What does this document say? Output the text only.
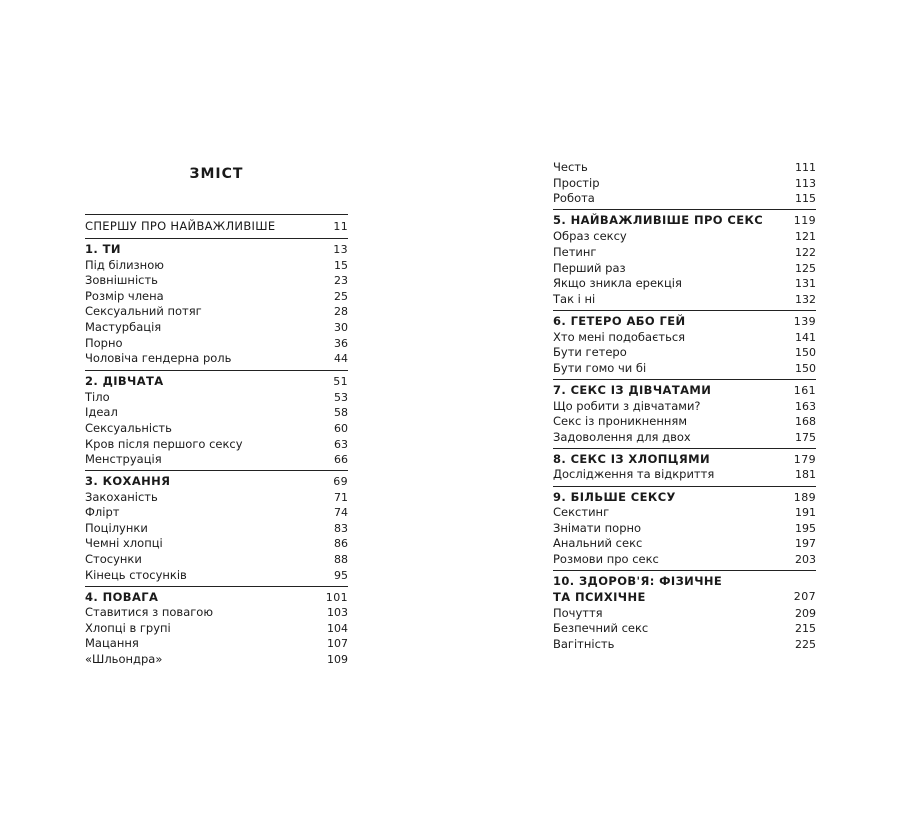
ЗМІСТ
СПЕРШУ ПРО НАЙВАЖЛИВІШЕ	11
1. ТИ	13
Під білизною	15
Зовнішність	23
Розмір члена	25
Сексуальний потяг	28
Мастурбація	30
Порно	36
Чоловіча гендерна роль	44
2. ДІВЧАТА	51
Тіло	53
Ідеал	58
Сексуальність	60
Кров після першого сексу	63
Менструація	66
3. КОХАННЯ	69
Закоханість	71
Флірт	74
Поцілунки	83
Чемні хлопці	86
Стосунки	88
Кінець стосунків	95
4. ПОВАГА	101
Ставитися з повагою	103
Хлопці в групі	104
Мацання	107
«Шльондра»	109
Честь	111
Простір	113
Робота	115
5. НАЙВАЖЛИВІШЕ ПРО СЕКС	119
Образ сексу	121
Петинг	122
Перший раз	125
Якщо зникла ерекція	131
Так і ні	132
6. ГЕТЕРО АБО ГЕЙ	139
Хто мені подобається	141
Бути гетеро	150
Бути гомо чи бі	150
7. СЕКС ІЗ ДІВЧАТАМИ	161
Що робити з дівчатами?	163
Секс із проникненням	168
Задоволення для двох	175
8. СЕКС ІЗ ХЛОПЦЯМИ	179
Дослідження та відкриття	181
9. БІЛЬШЕ СЕКСУ	189
Секстинг	191
Знімати порно	195
Анальний секс	197
Розмови про секс	203
10. ЗДОРОВ'Я: ФІЗИЧНЕ
ТА ПСИХІЧНЕ	207
Почуття	209
Безпечний секс	215
Вагітність	225
